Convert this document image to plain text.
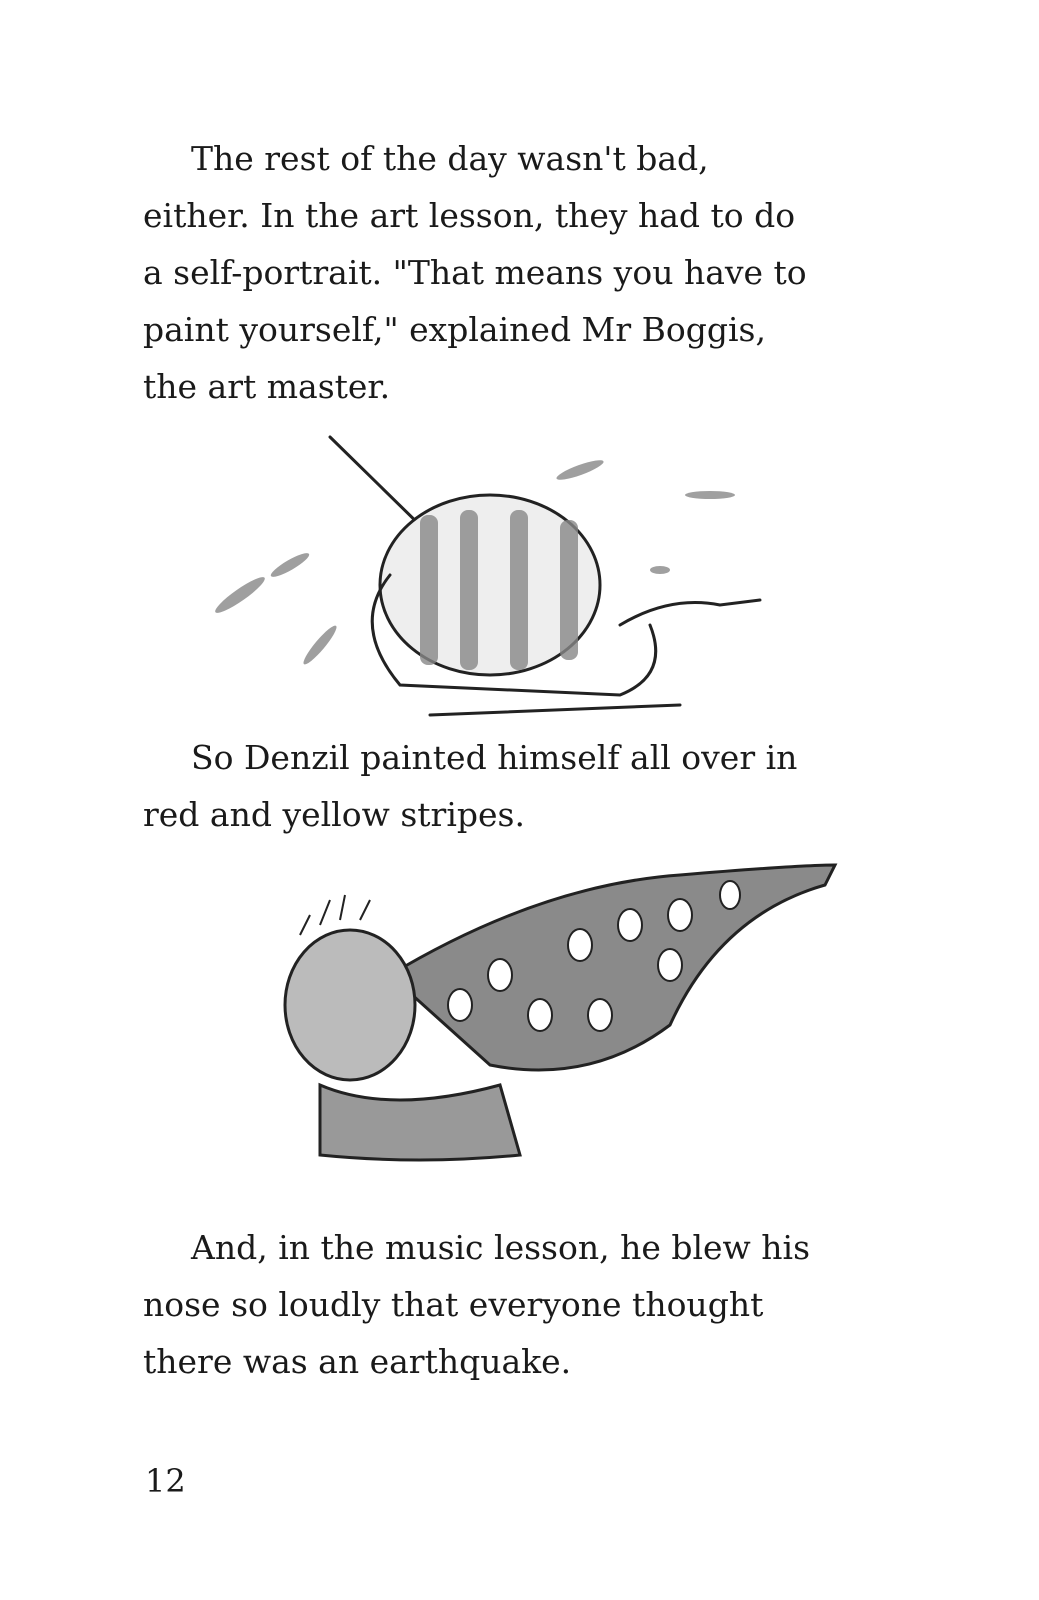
The rest of the day wasn't bad,
either. In the art lesson, they had to do
a self-portrait. "That means you have to
paint yourself," explained Mr Boggis,
the art master.

So Denzil painted himself all over in
red and yellow stripes.

And, in the music lesson, he blew his
nose so loudly that everyone thought
there was an earthquake.

12
